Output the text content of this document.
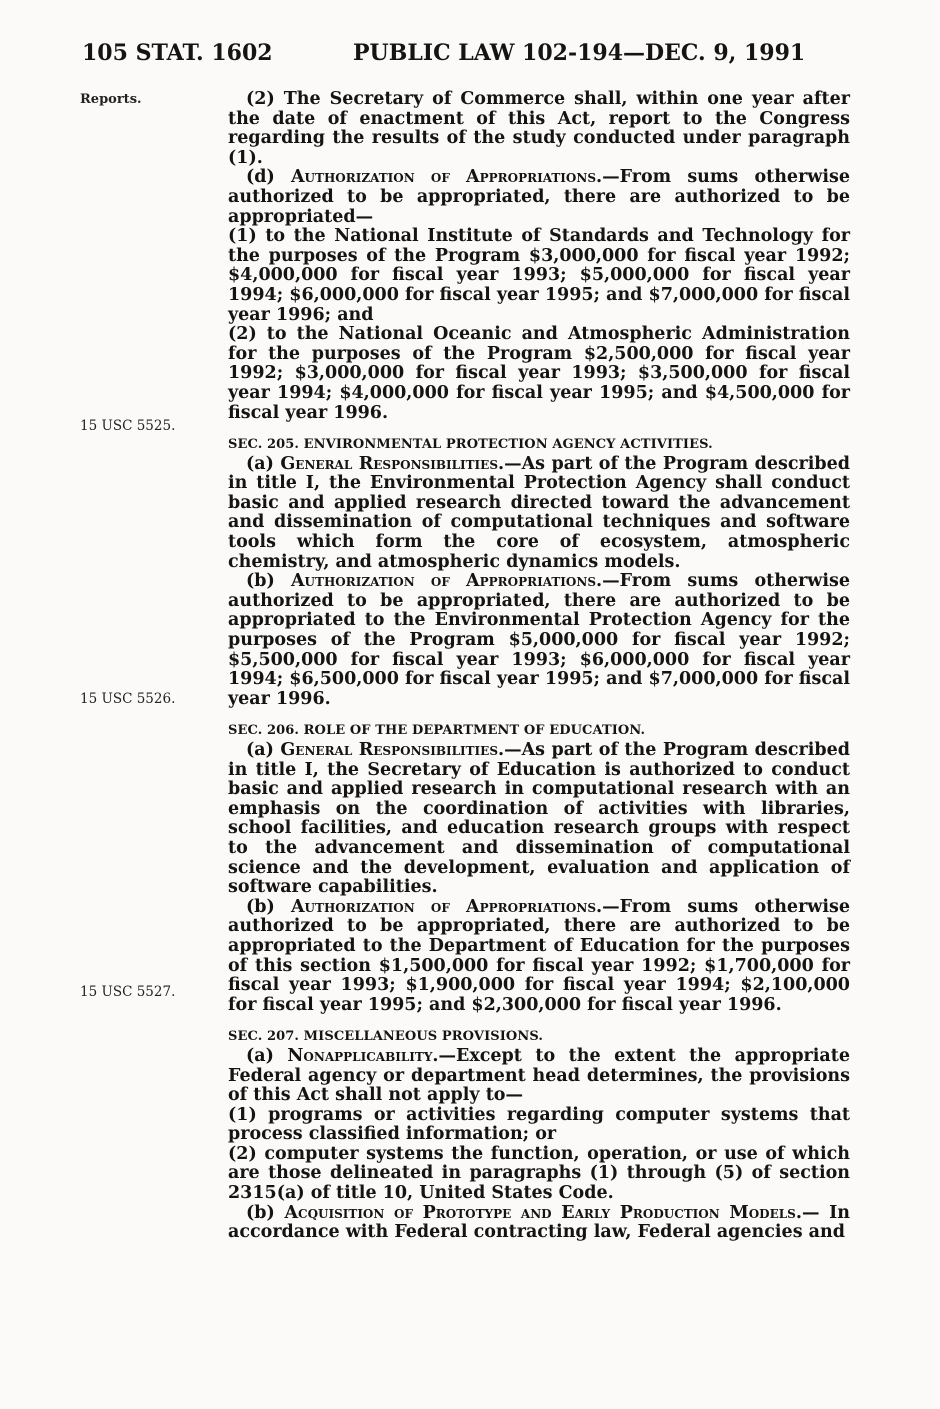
105 STAT. 1602	PUBLIC LAW 102-194—DEC. 9, 1991
Reports.
15 USC 5525.
15 USC 5526.
15 USC 5527.

(2) The Secretary of Commerce shall, within one year after the date of enactment of this Act, report to the Congress regarding the results of the study conducted under paragraph (1).

(d) Authorization of Appropriations.—From sums otherwise authorized to be appropriated, there are authorized to be appropriated—

(1) to the National Institute of Standards and Technology for the purposes of the Program $3,000,000 for fiscal year 1992; $4,000,000 for fiscal year 1993; $5,000,000 for fiscal year 1994; $6,000,000 for fiscal year 1995; and $7,000,000 for fiscal year 1996; and

(2) to the National Oceanic and Atmospheric Administration for the purposes of the Program $2,500,000 for fiscal year 1992; $3,000,000 for fiscal year 1993; $3,500,000 for fiscal year 1994; $4,000,000 for fiscal year 1995; and $4,500,000 for fiscal year 1996.

SEC. 205. ENVIRONMENTAL PROTECTION AGENCY ACTIVITIES.

(a) General Responsibilities.—As part of the Program described in title I, the Environmental Protection Agency shall conduct basic and applied research directed toward the advancement and dissemination of computational techniques and software tools which form the core of ecosystem, atmospheric chemistry, and atmospheric dynamics models.

(b) Authorization of Appropriations.—From sums otherwise authorized to be appropriated, there are authorized to be appropriated to the Environmental Protection Agency for the purposes of the Program $5,000,000 for fiscal year 1992; $5,500,000 for fiscal year 1993; $6,000,000 for fiscal year 1994; $6,500,000 for fiscal year 1995; and $7,000,000 for fiscal year 1996.

SEC. 206. ROLE OF THE DEPARTMENT OF EDUCATION.

(a) General Responsibilities.—As part of the Program described in title I, the Secretary of Education is authorized to conduct basic and applied research in computational research with an emphasis on the coordination of activities with libraries, school facilities, and education research groups with respect to the advancement and dissemination of computational science and the development, evaluation and application of software capabilities.

(b) Authorization of Appropriations.—From sums otherwise authorized to be appropriated, there are authorized to be appropriated to the Department of Education for the purposes of this section $1,500,000 for fiscal year 1992; $1,700,000 for fiscal year 1993; $1,900,000 for fiscal year 1994; $2,100,000 for fiscal year 1995; and $2,300,000 for fiscal year 1996.

SEC. 207. MISCELLANEOUS PROVISIONS.

(a) Nonapplicability.—Except to the extent the appropriate Federal agency or department head determines, the provisions of this Act shall not apply to—

(1) programs or activities regarding computer systems that process classified information; or

(2) computer systems the function, operation, or use of which are those delineated in paragraphs (1) through (5) of section 2315(a) of title 10, United States Code.

(b) Acquisition of Prototype and Early Production Models.— In accordance with Federal contracting law, Federal agencies and
